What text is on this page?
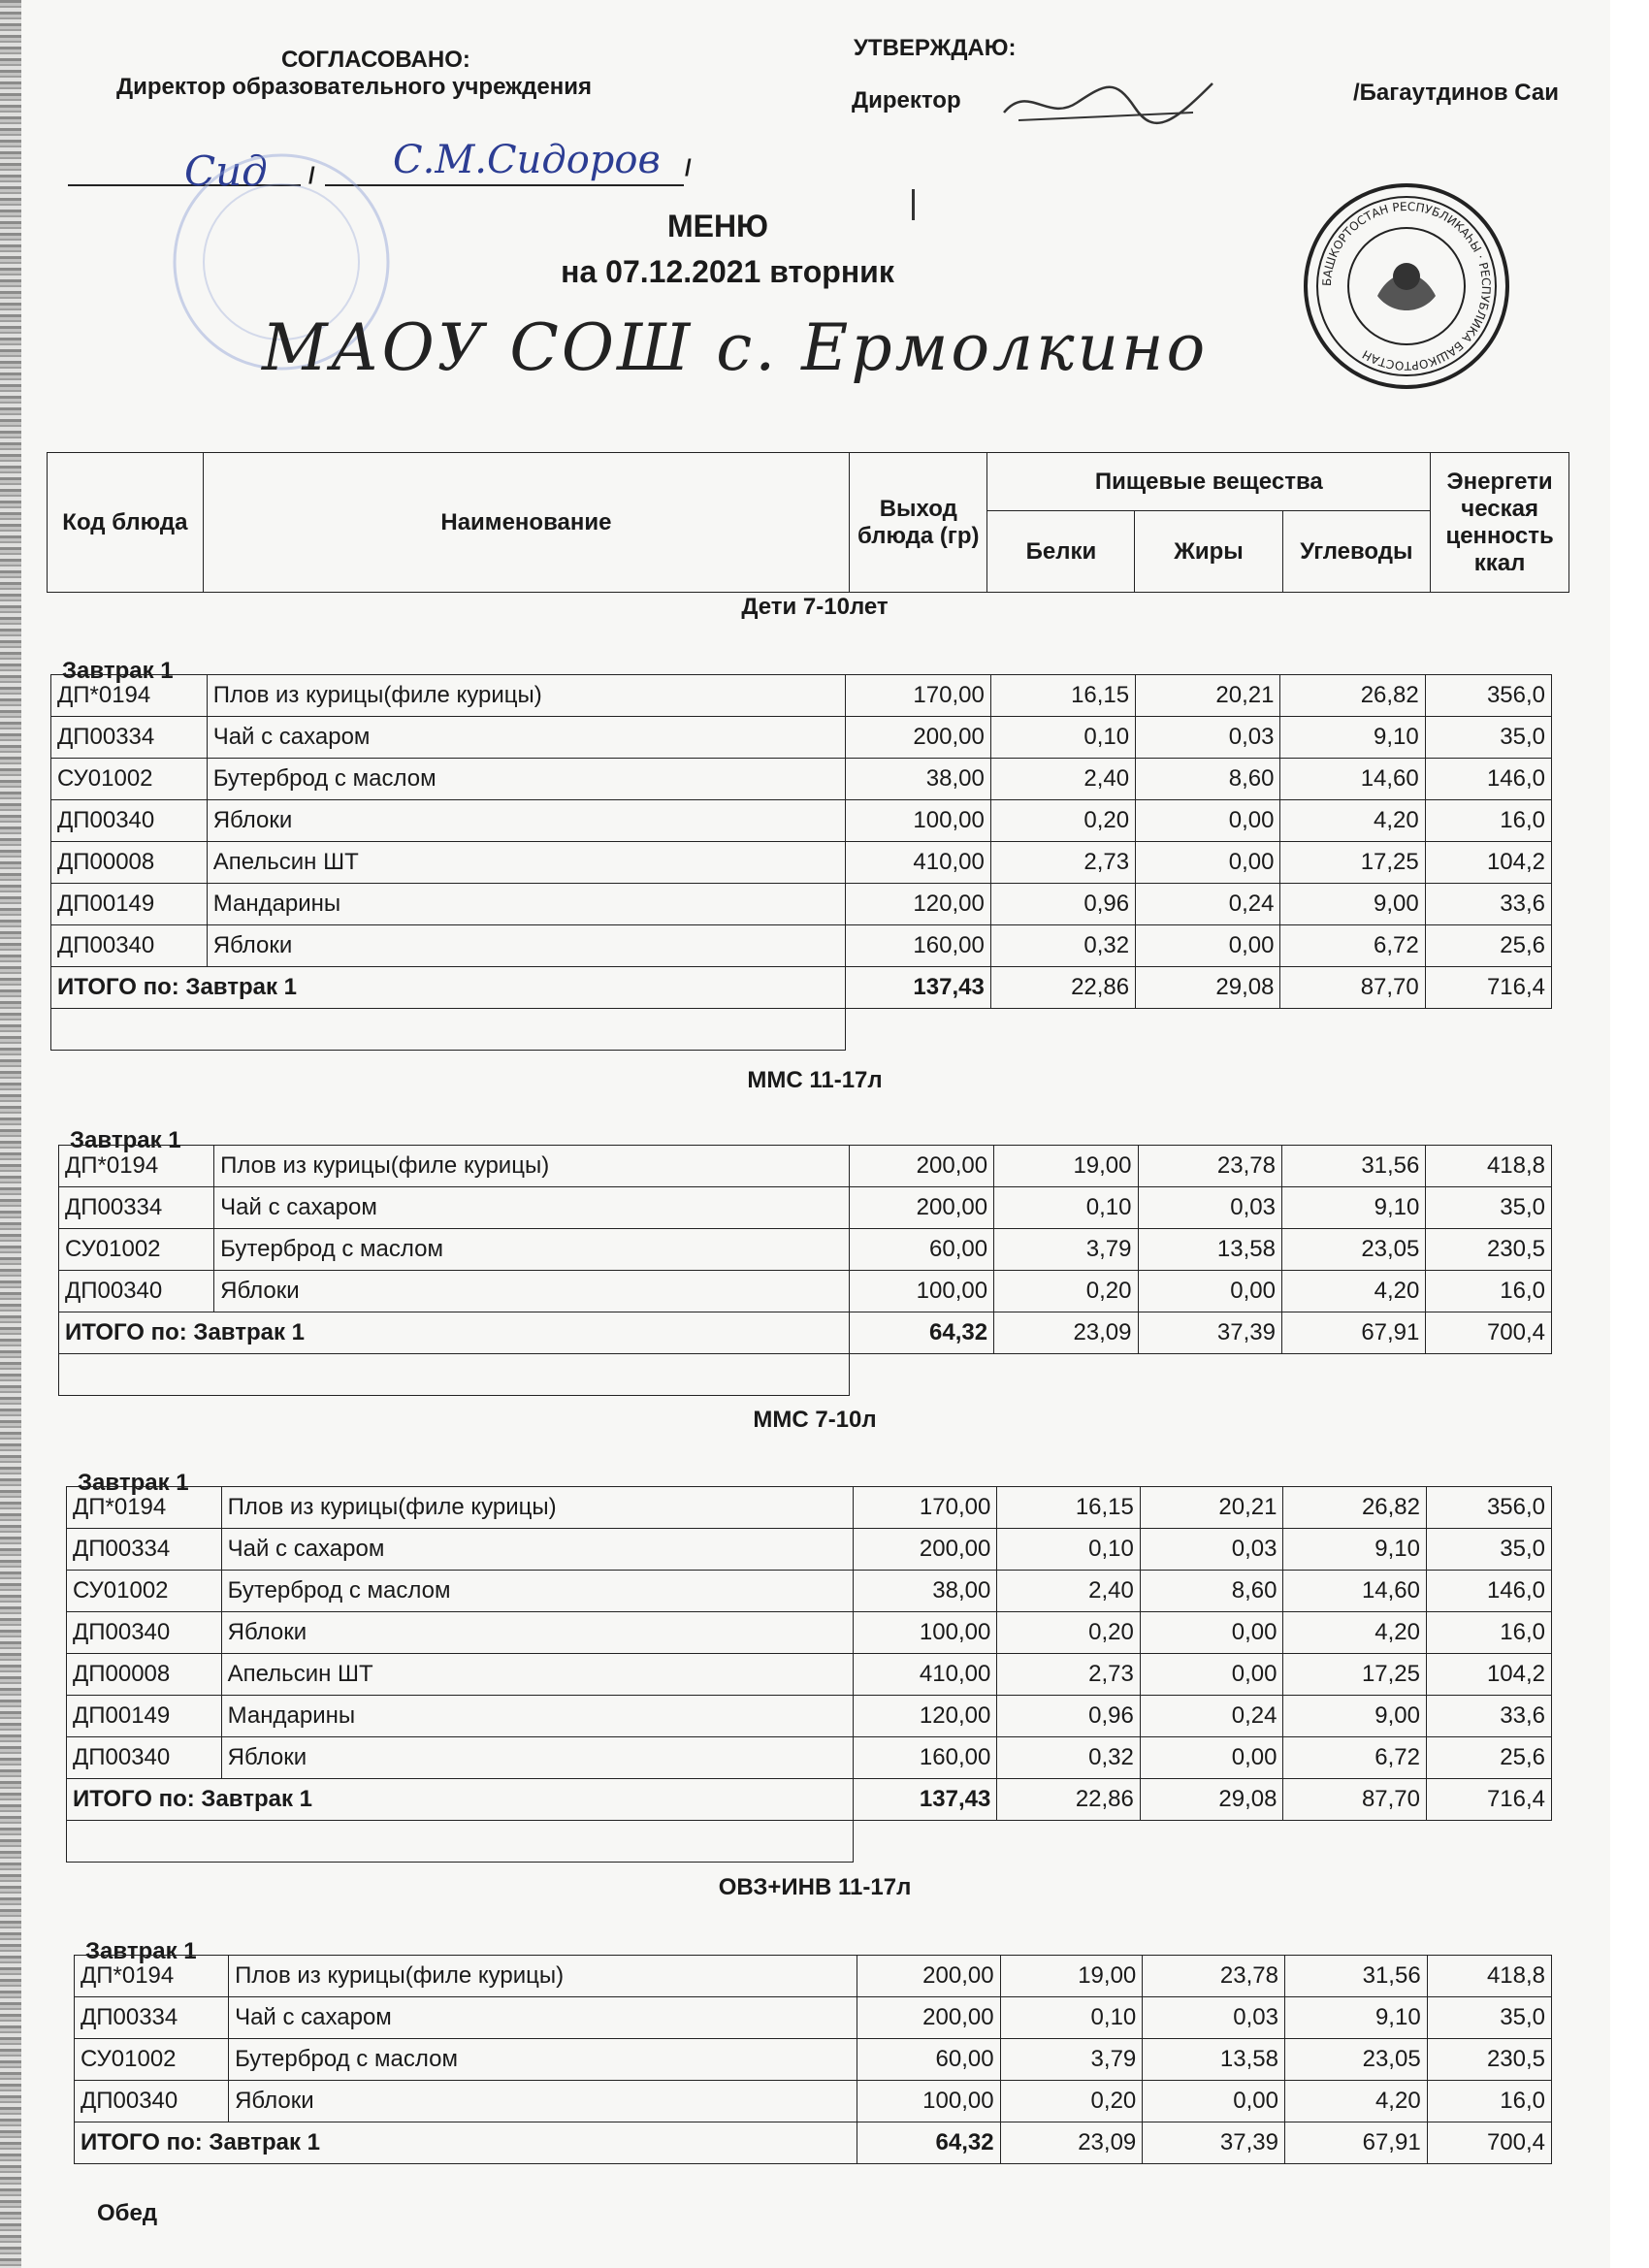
СОГЛАСОВАНО:
Директор образовательного учреждения
/	/
Сид	С.М.Сидоров
УТВЕРЖДАЮ:
Директор	/Багаутдинов Саи
БАШКОРТОСТАН РЕСПУБЛИКАҺЫ · РЕСПУБЛИКА БАШКОРТОСТАН
МЕНЮ
на 07.12.2021 вторник
МАОУ СОШ с. Ермолкино
Код блюда	Наименование	Выход блюда (гр)	Пищевые вещества			Энергети ческая ценность ккал
			Белки	Жиры	Углеводы	
Дети 7-10лет
Завтрак 1
ДП*0194	Плов из курицы(филе курицы)	170,00	16,15	20,21	26,82	356,0
ДП00334	Чай с сахаром	200,00	0,10	0,03	9,10	35,0
СУ01002	Бутерброд с маслом	38,00	2,40	8,60	14,60	146,0
ДП00340	Яблоки	100,00	0,20	0,00	4,20	16,0
ДП00008	Апельсин ШТ	410,00	2,73	0,00	17,25	104,2
ДП00149	Мандарины	120,00	0,96	0,24	9,00	33,6
ДП00340	Яблоки	160,00	0,32	0,00	6,72	25,6
ИТОГО по: Завтрак 1		137,43	22,86	29,08	87,70	716,4

ММС 11-17л
Завтрак 1
ДП*0194	Плов из курицы(филе курицы)	200,00	19,00	23,78	31,56	418,8
ДП00334	Чай с сахаром	200,00	0,10	0,03	9,10	35,0
СУ01002	Бутерброд с маслом	60,00	3,79	13,58	23,05	230,5
ДП00340	Яблоки	100,00	0,20	0,00	4,20	16,0
ИТОГО по: Завтрак 1		64,32	23,09	37,39	67,91	700,4

ММС 7-10л
Завтрак 1
ДП*0194	Плов из курицы(филе курицы)	170,00	16,15	20,21	26,82	356,0
ДП00334	Чай с сахаром	200,00	0,10	0,03	9,10	35,0
СУ01002	Бутерброд с маслом	38,00	2,40	8,60	14,60	146,0
ДП00340	Яблоки	100,00	0,20	0,00	4,20	16,0
ДП00008	Апельсин ШТ	410,00	2,73	0,00	17,25	104,2
ДП00149	Мандарины	120,00	0,96	0,24	9,00	33,6
ДП00340	Яблоки	160,00	0,32	0,00	6,72	25,6
ИТОГО по: Завтрак 1		137,43	22,86	29,08	87,70	716,4

ОВЗ+ИНВ 11-17л
Завтрак 1
ДП*0194	Плов из курицы(филе курицы)	200,00	19,00	23,78	31,56	418,8
ДП00334	Чай с сахаром	200,00	0,10	0,03	9,10	35,0
СУ01002	Бутерброд с маслом	60,00	3,79	13,58	23,05	230,5
ДП00340	Яблоки	100,00	0,20	0,00	4,20	16,0
ИТОГО по: Завтрак 1		64,32	23,09	37,39	67,91	700,4
Обед
